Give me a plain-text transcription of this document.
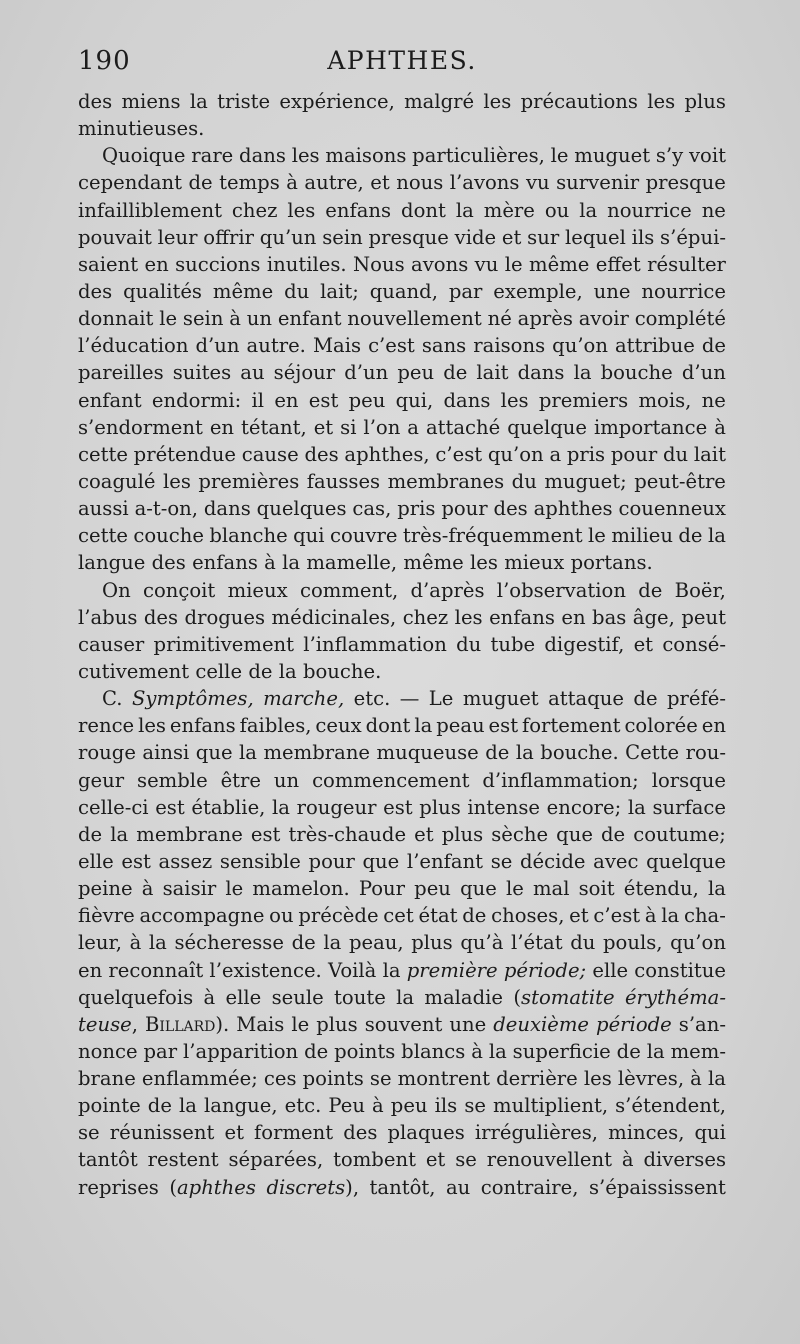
190	APHTHES.
des miens la triste expérience, malgré les précautions les plus
minutieuses.
Quoique rare dans les maisons particulières, le muguet s’y voit
cependant de temps à autre, et nous l’avons vu survenir presque
infailliblement chez les enfans dont la mère ou la nourrice ne
pouvait leur offrir qu’un sein presque vide et sur lequel ils s’épui-
saient en succions inutiles. Nous avons vu le même effet résulter
des qualités même du lait; quand, par exemple, une nourrice
donnait le sein à un enfant nouvellement né après avoir complété
l’éducation d’un autre. Mais c’est sans raisons qu’on attribue de
pareilles suites au séjour d’un peu de lait dans la bouche d’un
enfant endormi: il en est peu qui, dans les premiers mois, ne
s’endorment en tétant, et si l’on a attaché quelque importance à
cette prétendue cause des aphthes, c’est qu’on a pris pour du lait
coagulé les premières fausses membranes du muguet; peut-être
aussi a-t-on, dans quelques cas, pris pour des aphthes couenneux
cette couche blanche qui couvre très-fréquemment le milieu de la
langue des enfans à la mamelle, même les mieux portans.
On conçoit mieux comment, d’après l’observation de Boër,
l’abus des drogues médicinales, chez les enfans en bas âge, peut
causer primitivement l’inflammation du tube digestif, et consé-
cutivement celle de la bouche.
C. Symptômes, marche, etc. — Le muguet attaque de préfé-
rence les enfans faibles, ceux dont la peau est fortement colorée en
rouge ainsi que la membrane muqueuse de la bouche. Cette rou-
geur semble être un commencement d’inflammation; lorsque
celle-ci est établie, la rougeur est plus intense encore; la surface
de la membrane est très-chaude et plus sèche que de coutume;
elle est assez sensible pour que l’enfant se décide avec quelque
peine à saisir le mamelon. Pour peu que le mal soit étendu, la
fièvre accompagne ou précède cet état de choses, et c’est à la cha-
leur, à la sécheresse de la peau, plus qu’à l’état du pouls, qu’on
en reconnaît l’existence. Voilà la première période; elle constitue
quelquefois à elle seule toute la maladie (stomatite érythéma-
teuse, Billard). Mais le plus souvent une deuxième période s’an-
nonce par l’apparition de points blancs à la superficie de la mem-
brane enflammée; ces points se montrent derrière les lèvres, à la
pointe de la langue, etc. Peu à peu ils se multiplient, s’étendent,
se réunissent et forment des plaques irrégulières, minces, qui
tantôt restent séparées, tombent et se renouvellent à diverses
reprises (aphthes discrets), tantôt, au contraire, s’épaississent
